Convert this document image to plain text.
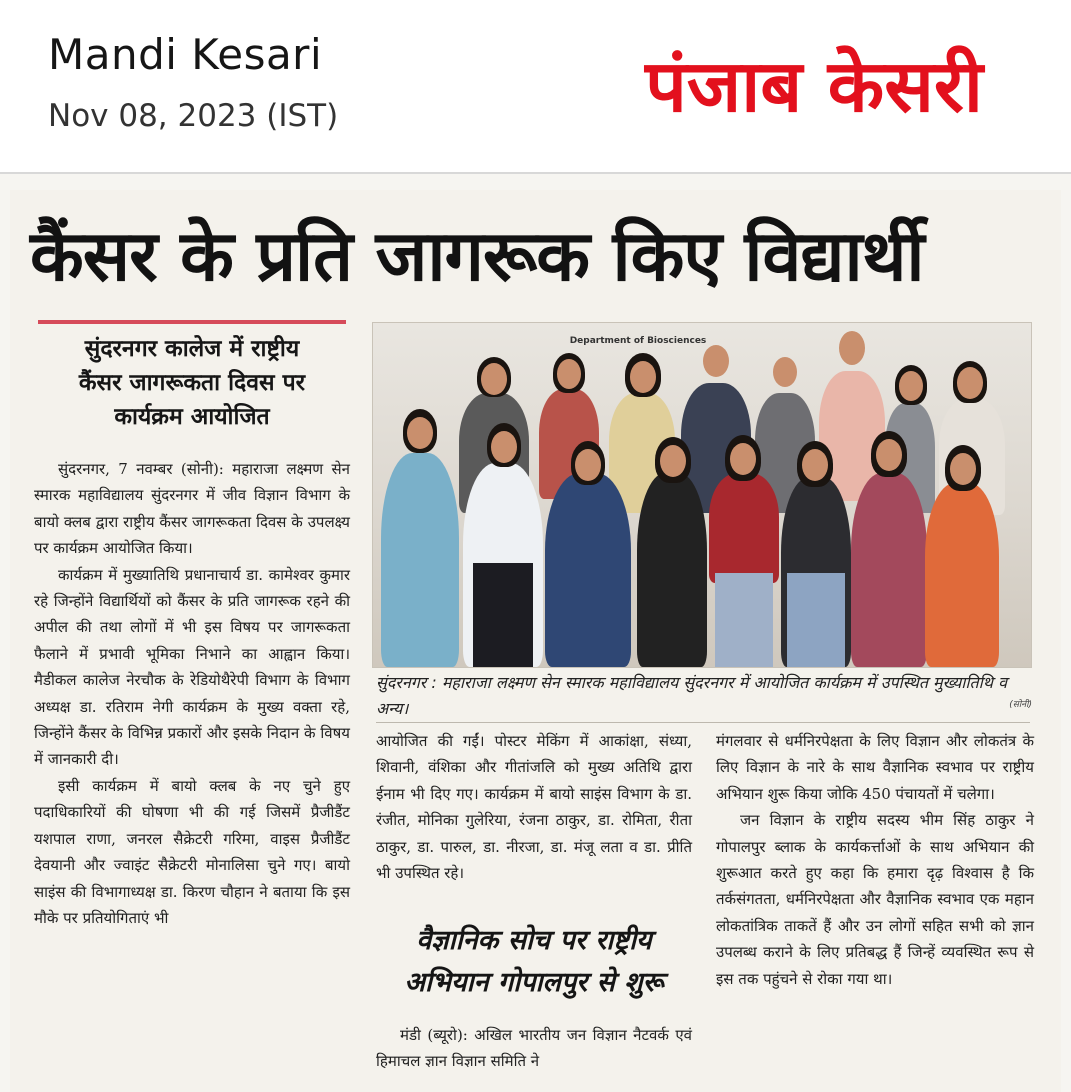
Mandi Kesari
Nov 08, 2023 (IST)	पंजाब केसरी
कैंसर के प्रति जागरूक किए विद्यार्थी
सुंदरनगर कालेज में राष्ट्रीय
कैंसर जागरूकता दिवस पर
कार्यक्रम आयोजित

सुंदरनगर, 7 नवम्बर (सोनी): महाराजा लक्ष्मण सेन स्मारक महाविद्यालय सुंदरनगर में जीव विज्ञान विभाग के बायो क्लब द्वारा राष्ट्रीय कैंसर जागरूकता दिवस के उपलक्ष्य पर कार्यक्रम आयोजित किया।

कार्यक्रम में मुख्यातिथि प्रधानाचार्य डा. कामेश्वर कुमार रहे जिन्होंने विद्यार्थियों को कैंसर के प्रति जागरूक रहने की अपील की तथा लोगों में भी इस विषय पर जागरूकता फैलाने में प्रभावी भूमिका निभाने का आह्वान किया। मैडीकल कालेज नेरचौक के रेडियोथैरेपी विभाग के विभाग अध्यक्ष डा. रतिराम नेगी कार्यक्रम के मुख्य वक्ता रहे, जिन्होंने कैंसर के विभिन्न प्रकारों और इसके निदान के विषय में जानकारी दी।

इसी कार्यक्रम में बायो क्लब के नए चुने हुए पदाधिकारियों की घोषणा भी की गई जिसमें प्रैजीडैंट यशपाल राणा, जनरल सैक्रेटरी गरिमा, वाइस प्रैजीडैंट देवयानी और ज्वाइंट सैक्रेटरी मोनालिसा चुने गए। बायो साइंस की विभागाध्यक्ष डा. किरण चौहान ने बताया कि इस मौके पर प्रतियोगिताएं भी

Department of Biosciences
सुंदरनगर : महाराजा लक्ष्मण सेन स्मारक महाविद्यालय सुंदरनगर में आयोजित कार्यक्रम में उपस्थित मुख्यातिथि व अन्य।	(सोनी)

आयोजित की गईं। पोस्टर मेकिंग में आकांक्षा, संध्या, शिवानी, वंशिका और गीतांजलि को मुख्य अतिथि द्वारा ईनाम भी दिए गए। कार्यक्रम में बायो साइंस विभाग के डा. रंजीत, मोनिका गुलेरिया, रंजना ठाकुर, डा. रोमिता, रीता ठाकुर, डा. पारुल, डा. नीरजा, डा. मंजू लता व डा. प्रीति भी उपस्थित रहे।

वैज्ञानिक सोच पर राष्ट्रीय
अभियान गोपालपुर से शुरू

मंडी (ब्यूरो): अखिल भारतीय जन विज्ञान नैटवर्क एवं हिमाचल ज्ञान विज्ञान समिति ने

मंगलवार से धर्मनिरपेक्षता के लिए विज्ञान और लोकतंत्र के लिए विज्ञान के नारे के साथ वैज्ञानिक स्वभाव पर राष्ट्रीय अभियान शुरू किया जोकि 450 पंचायतों में चलेगा।

जन विज्ञान के राष्ट्रीय सदस्य भीम सिंह ठाकुर ने गोपालपुर ब्लाक के कार्यकर्त्ताओं के साथ अभियान की शुरूआत करते हुए कहा कि हमारा दृढ़ विश्वास है कि तर्कसंगतता, धर्मनिरपेक्षता और वैज्ञानिक स्वभाव एक महान लोकतांत्रिक ताकतें हैं और उन लोगों सहित सभी को ज्ञान उपलब्ध कराने के लिए प्रतिबद्ध हैं जिन्हें व्यवस्थित रूप से इस तक पहुंचने से रोका गया था।
